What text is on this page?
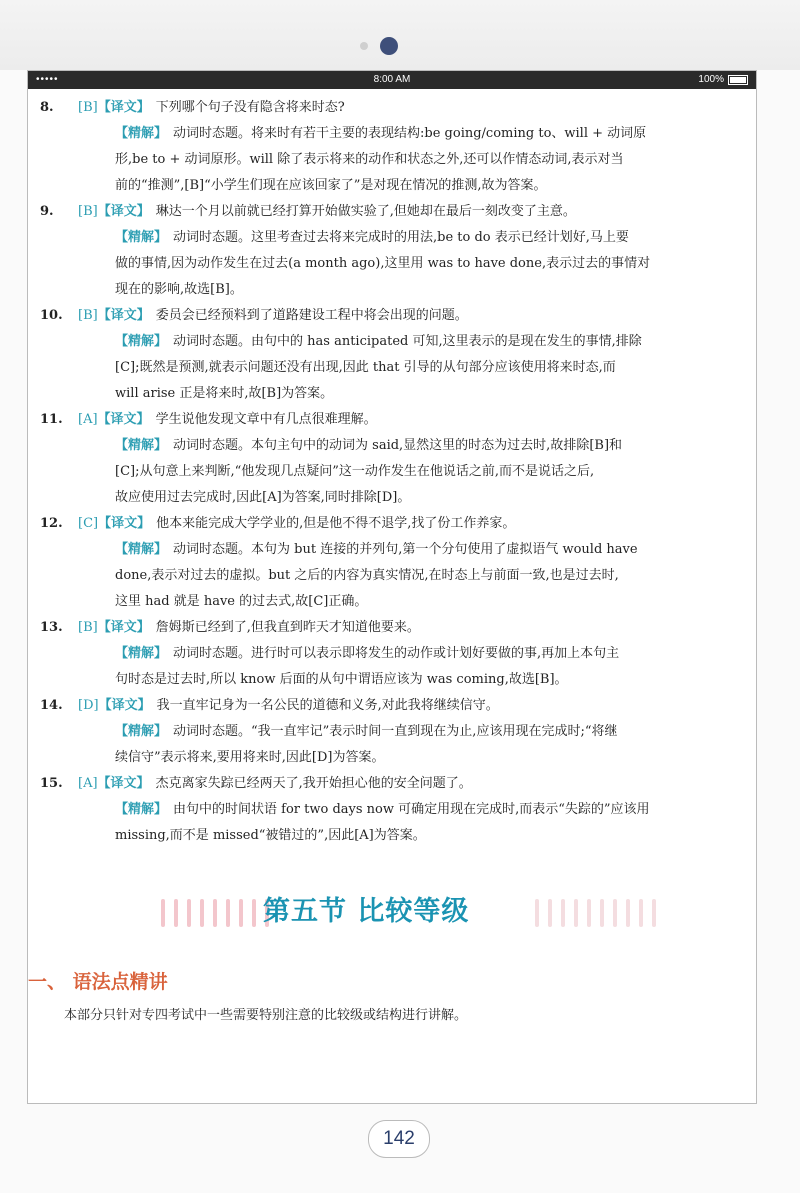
•••••	8:00 AM	100%
8. [B]【译文】 下列哪个句子没有隐含将来时态?
【精解】 动词时态题。将来时有若干主要的表现结构:be going/coming to、will + 动词原
形,be to + 动词原形。will 除了表示将来的动作和状态之外,还可以作情态动词,表示对当
前的“推测”,[B]“小学生们现在应该回家了”是对现在情况的推测,故为答案。
9. [B]【译文】 琳达一个月以前就已经打算开始做实验了,但她却在最后一刻改变了主意。
【精解】 动词时态题。这里考查过去将来完成时的用法,be to do 表示已经计划好,马上要
做的事情,因为动作发生在过去(a month ago),这里用 was to have done,表示过去的事情对
现在的影响,故选[B]。
10. [B]【译文】 委员会已经预料到了道路建设工程中将会出现的问题。
【精解】 动词时态题。由句中的 has anticipated 可知,这里表示的是现在发生的事情,排除
[C];既然是预测,就表示问题还没有出现,因此 that 引导的从句部分应该使用将来时态,而
will arise 正是将来时,故[B]为答案。
11. [A]【译文】 学生说他发现文章中有几点很难理解。
【精解】 动词时态题。本句主句中的动词为 said,显然这里的时态为过去时,故排除[B]和
[C];从句意上来判断,“他发现几点疑问”这一动作发生在他说话之前,而不是说话之后,
故应使用过去完成时,因此[A]为答案,同时排除[D]。
12. [C]【译文】 他本来能完成大学学业的,但是他不得不退学,找了份工作养家。
【精解】 动词时态题。本句为 but 连接的并列句,第一个分句使用了虚拟语气 would have
done,表示对过去的虚拟。but 之后的内容为真实情况,在时态上与前面一致,也是过去时,
这里 had 就是 have 的过去式,故[C]正确。
13. [B]【译文】 詹姆斯已经到了,但我直到昨天才知道他要来。
【精解】 动词时态题。进行时可以表示即将发生的动作或计划好要做的事,再加上本句主
句时态是过去时,所以 know 后面的从句中谓语应该为 was coming,故选[B]。
14. [D]【译文】 我一直牢记身为一名公民的道德和义务,对此我将继续信守。
【精解】 动词时态题。“我一直牢记”表示时间一直到现在为止,应该用现在完成时;“将继
续信守”表示将来,要用将来时,因此[D]为答案。
15. [A]【译文】 杰克离家失踪已经两天了,我开始担心他的安全问题了。
【精解】 由句中的时间状语 for two days now 可确定用现在完成时,而表示“失踪的”应该用
missing,而不是 missed“被错过的”,因此[A]为答案。
第五节 比较等级
一、 语法点精讲
本部分只针对专四考试中一些需要特别注意的比较级或结构进行讲解。
142
